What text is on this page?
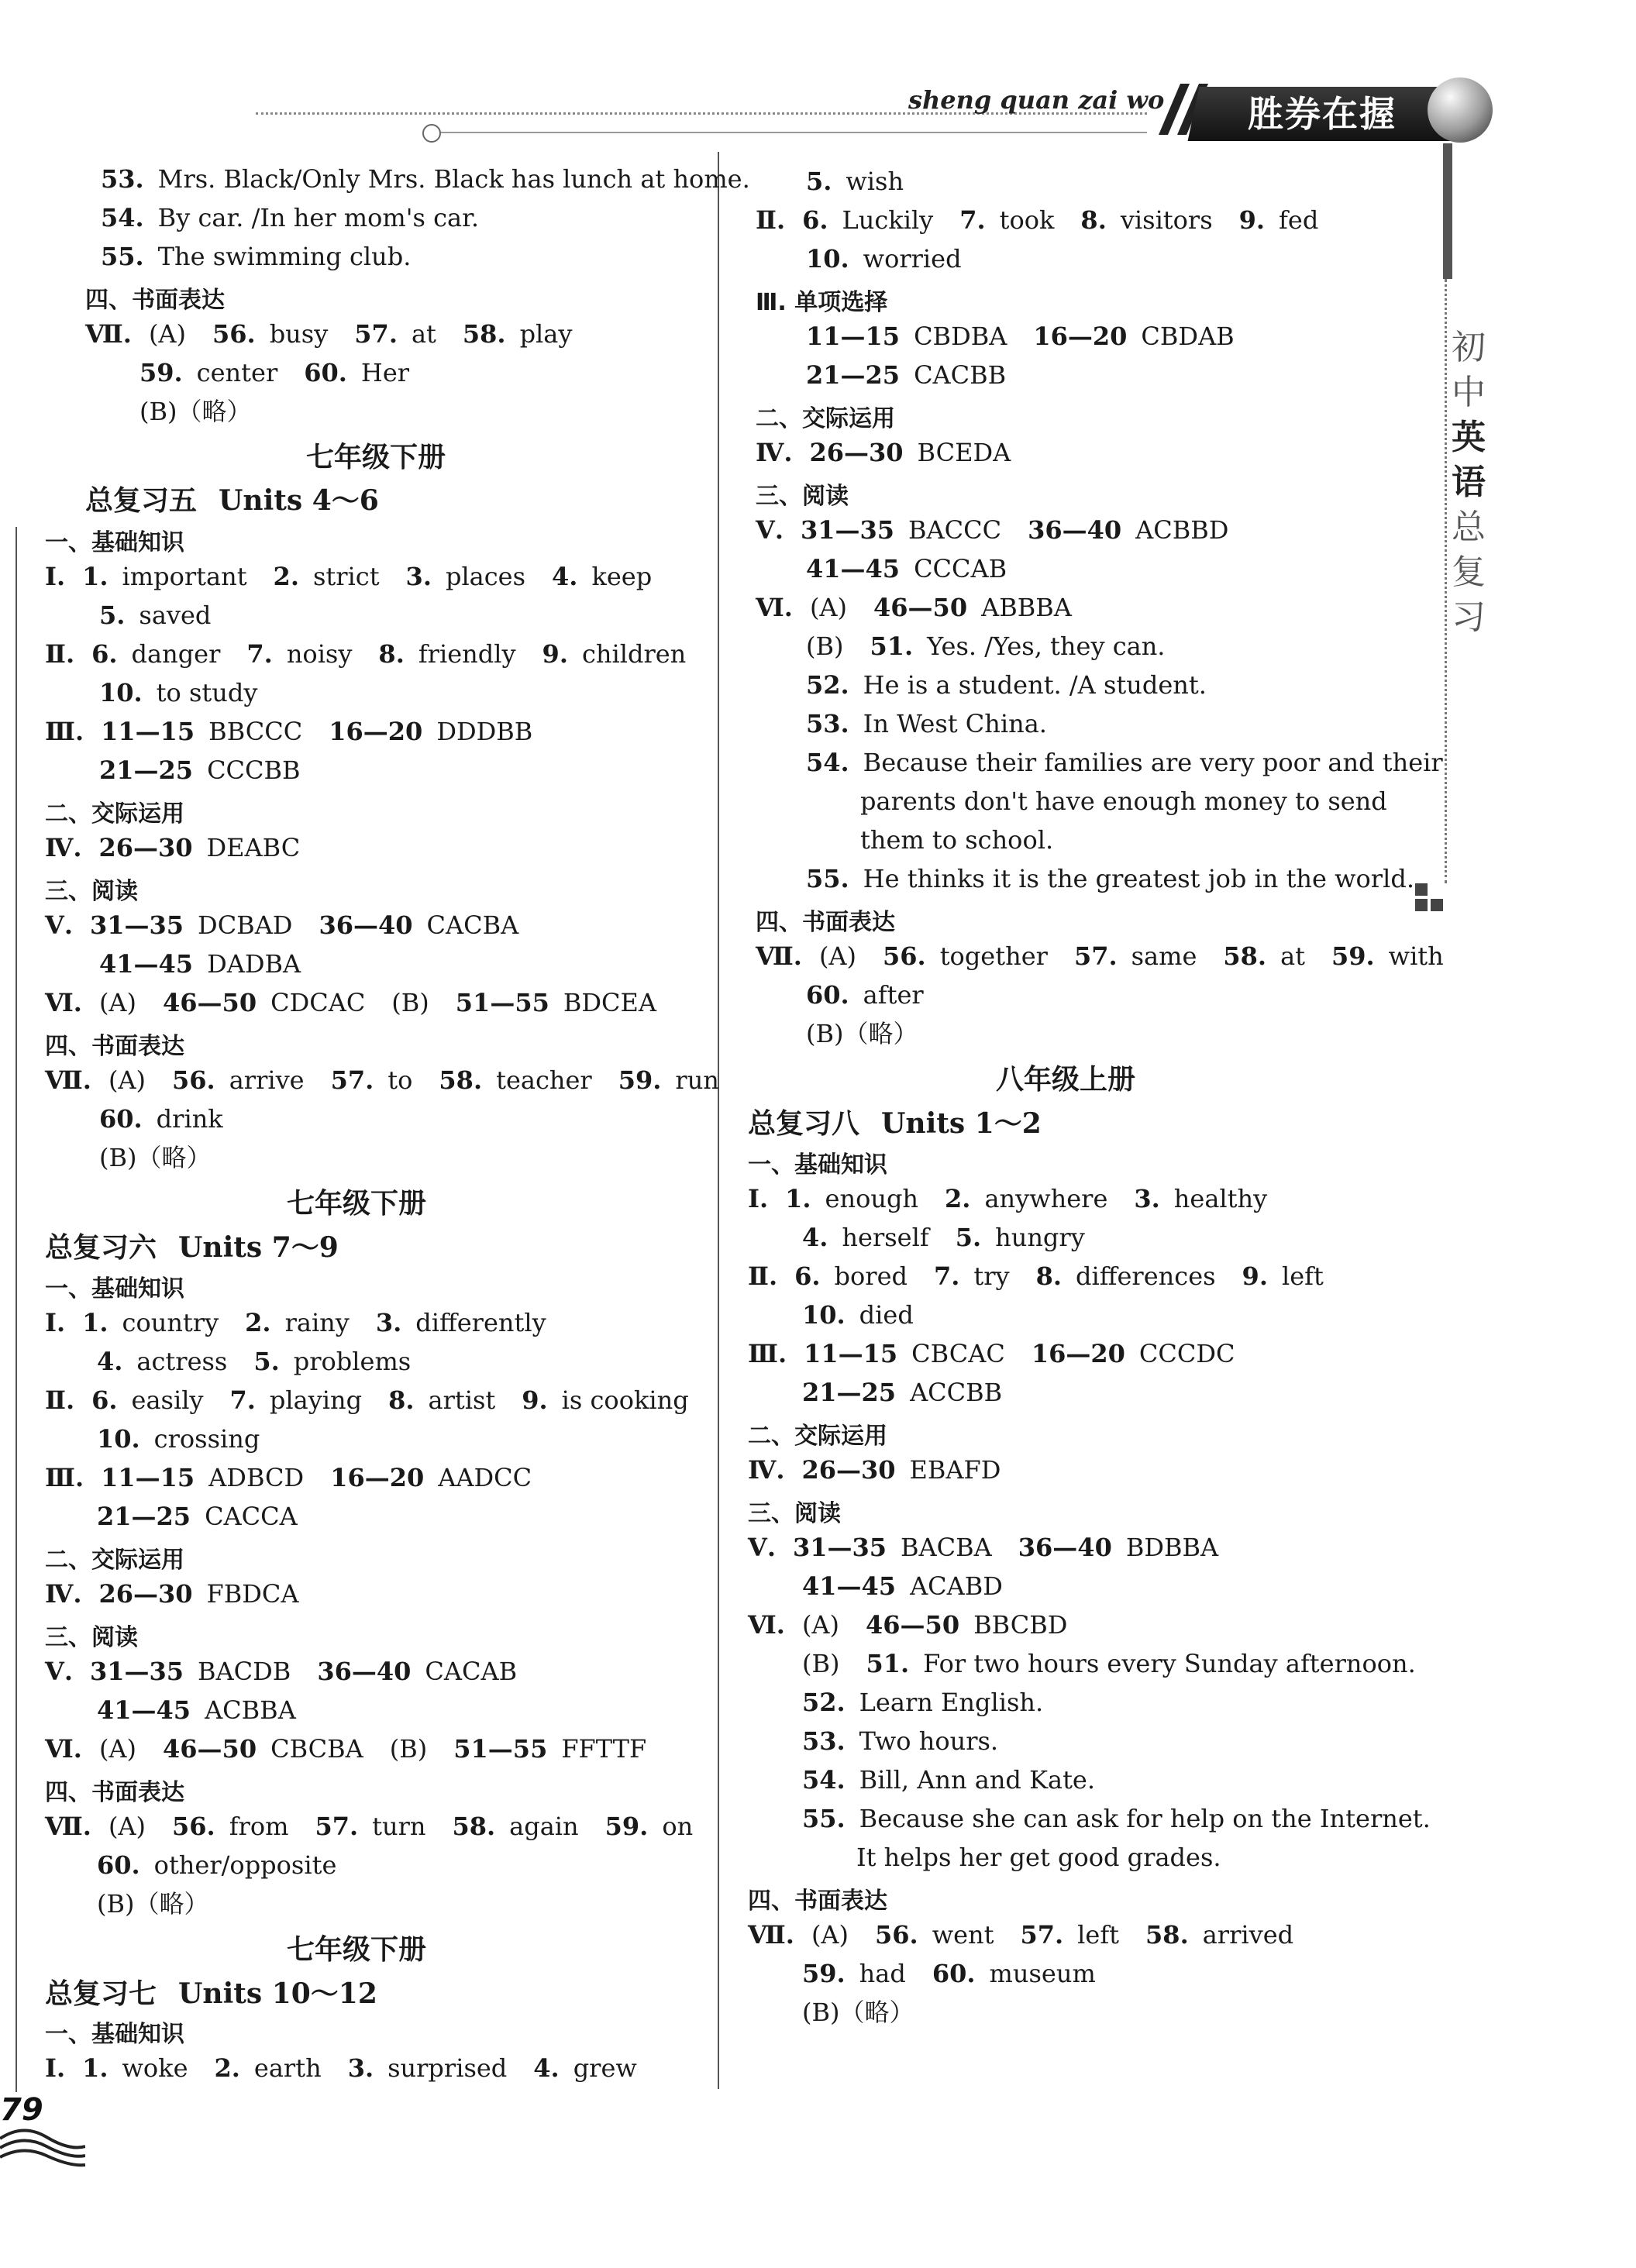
sheng quan zai wo	胜券在握
初
中
英
语
总
复
习
53. Mrs. Black/Only Mrs. Black has lunch at home.
54. By car. /In her mom's car.
55. The swimming club.
四、书面表达
Ⅶ. (A) 56. busy 57. at 58. play
59. center 60. Her
(B)（略）
七年级下册
总复习五 Units 4～6
一、基础知识
Ⅰ. 1. important 2. strict 3. places 4. keep
5. saved
Ⅱ. 6. danger 7. noisy 8. friendly 9. children
10. to study
Ⅲ. 11—15 BBCCC 16—20 DDDBB
21—25 CCCBB
二、交际运用
Ⅳ. 26—30 DEABC
三、阅读
Ⅴ. 31—35 DCBAD 36—40 CACBA
41—45 DADBA
Ⅵ. (A) 46—50 CDCAC (B) 51—55 BDCEA
四、书面表达
Ⅶ. (A) 56. arrive 57. to 58. teacher 59. run
60. drink
(B)（略）
七年级下册
总复习六 Units 7～9
一、基础知识
Ⅰ. 1. country 2. rainy 3. differently
4. actress 5. problems
Ⅱ. 6. easily 7. playing 8. artist 9. is cooking
10. crossing
Ⅲ. 11—15 ADBCD 16—20 AADCC
21—25 CACCA
二、交际运用
Ⅳ. 26—30 FBDCA
三、阅读
Ⅴ. 31—35 BACDB 36—40 CACAB
41—45 ACBBA
Ⅵ. (A) 46—50 CBCBA (B) 51—55 FFTTF
四、书面表达
Ⅶ. (A) 56. from 57. turn 58. again 59. on
60. other/opposite
(B)（略）
七年级下册
总复习七 Units 10～12
一、基础知识
Ⅰ. 1. woke 2. earth 3. surprised 4. grew
5. wish
Ⅱ. 6. Luckily 7. took 8. visitors 9. fed
10. worried
Ⅲ. 单项选择
11—15 CBDBA 16—20 CBDAB
21—25 CACBB
二、交际运用
Ⅳ. 26—30 BCEDA
三、阅读
Ⅴ. 31—35 BACCC 36—40 ACBBD
41—45 CCCAB
Ⅵ. (A) 46—50 ABBBA
(B) 51. Yes. /Yes, they can.
52. He is a student. /A student.
53. In West China.
54. Because their families are very poor and their
parents don't have enough money to send
them to school.
55. He thinks it is the greatest job in the world.
四、书面表达
Ⅶ. (A) 56. together 57. same 58. at 59. with
60. after
(B)（略）
八年级上册
总复习八 Units 1～2
一、基础知识
Ⅰ. 1. enough 2. anywhere 3. healthy
4. herself 5. hungry
Ⅱ. 6. bored 7. try 8. differences 9. left
10. died
Ⅲ. 11—15 CBCAC 16—20 CCCDC
21—25 ACCBB
二、交际运用
Ⅳ. 26—30 EBAFD
三、阅读
Ⅴ. 31—35 BACBA 36—40 BDBBA
41—45 ACABD
Ⅵ. (A) 46—50 BBCBD
(B) 51. For two hours every Sunday afternoon.
52. Learn English.
53. Two hours.
54. Bill, Ann and Kate.
55. Because she can ask for help on the Internet.
It helps her get good grades.
四、书面表达
Ⅶ. (A) 56. went 57. left 58. arrived
59. had 60. museum
(B)（略）
79
